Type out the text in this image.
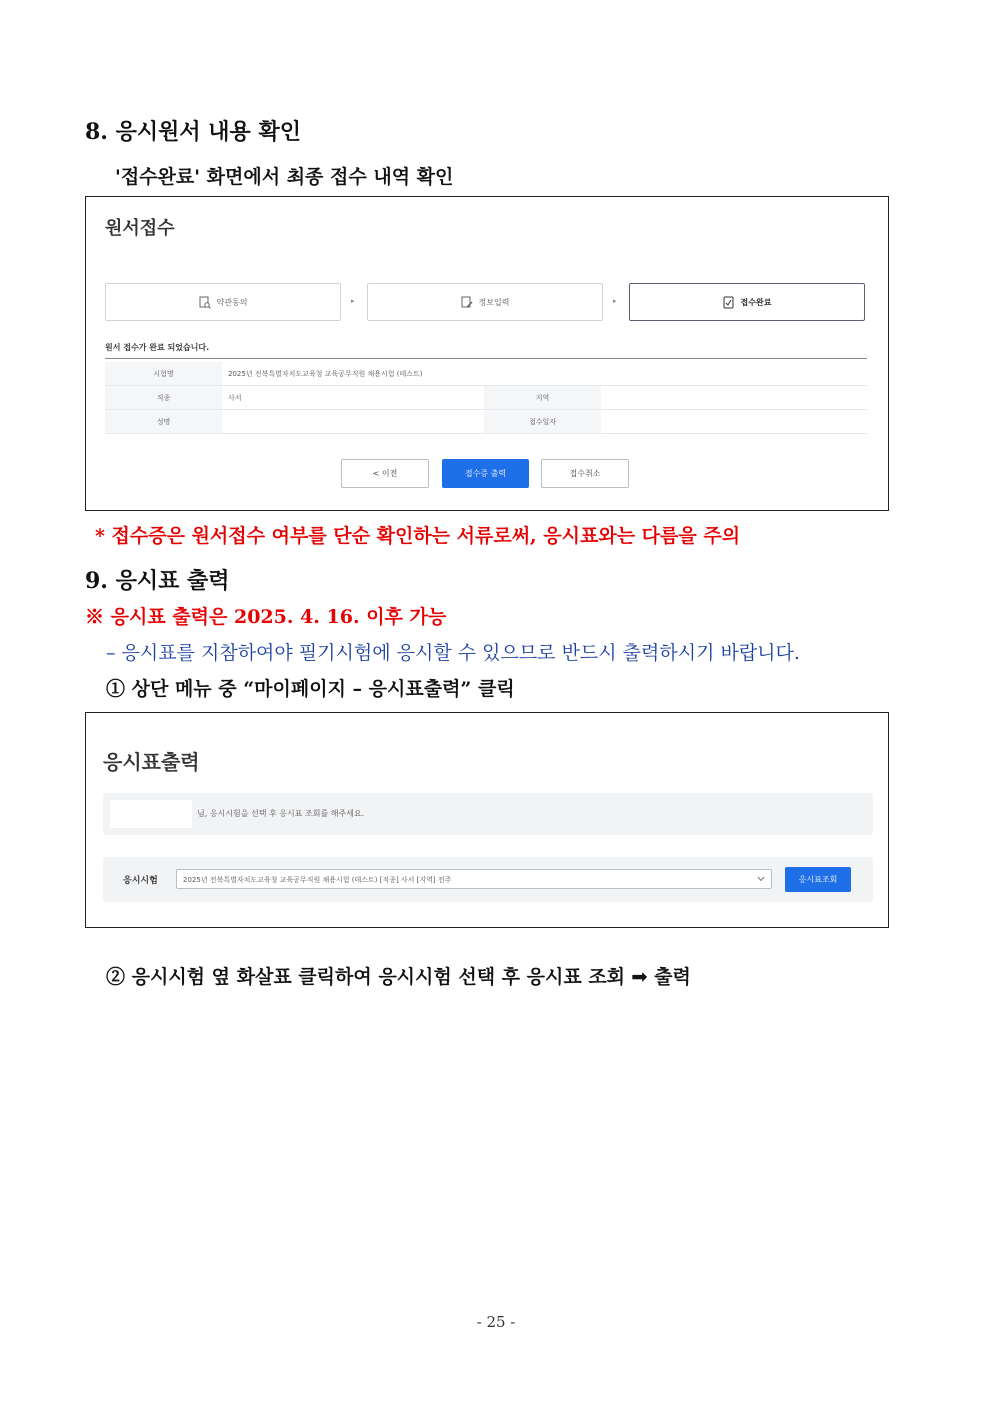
8. 응시원서 내용 확인
'접수완료' 화면에서 최종 접수 내역 확인
원서접수
약관동의	▸	정보입력	▸	접수완료
원서 접수가 완료 되었습니다.
시험명	2025년 전북특별자치도교육청 교육공무직원 채용시험 (테스트)		
직종	사서	지역	
성명		접수일자	
< 이전	접수증 출력	접수취소
* 접수증은 원서접수 여부를 단순 확인하는 서류로써, 응시표와는 다름을 주의
9. 응시표 출력
※ 응시표 출력은 2025. 4. 16. 이후 가능
– 응시표를 지참하여야 필기시험에 응시할 수 있으므로 반드시 출력하시기 바랍니다.
① 상단 메뉴 중 “마이페이지 – 응시표출력” 클릭
응시표출력
님, 응시시험을 선택 후 응시표 조회를 해주세요.
응시시험	2025년 전북특별자치도교육청 교육공무직원 채용시험 (테스트) [직종] 사서 [지역] 전주	응시표조회
② 응시시험 옆 화살표 클릭하여 응시시험 선택 후 응시표 조회 ➟ 출력
- 25 -
